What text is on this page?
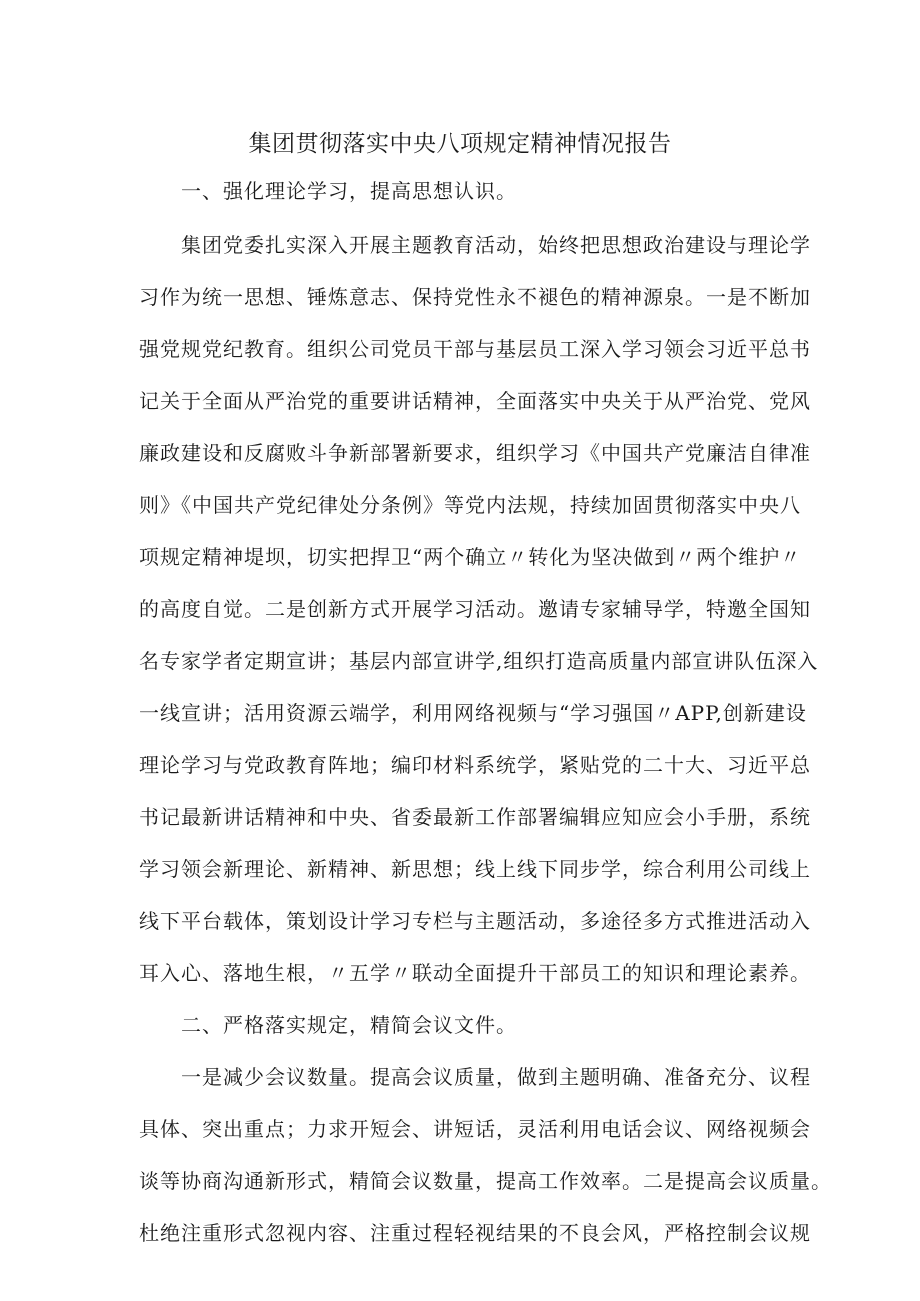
集团贯彻落实中央八项规定精神情况报告
一、强化理论学习，提高思想认识。
集团党委扎实深入开展主题教育活动，始终把思想政治建设与理论学
习作为统一思想、锤炼意志、保持党性永不褪色的精神源泉。一是不断加
强党规党纪教育。组织公司党员干部与基层员工深入学习领会习近平总书
记关于全面从严治党的重要讲话精神，全面落实中央关于从严治党、党风
廉政建设和反腐败斗争新部署新要求，组织学习《中国共产党廉洁自律准
则》《中国共产党纪律处分条例》等党内法规，持续加固贯彻落实中央八
项规定精神堤坝，切实把捍卫“两个确立〃转化为坚决做到〃两个维护〃
的高度自觉。二是创新方式开展学习活动。邀请专家辅导学，特邀全国知
名专家学者定期宣讲；基层内部宣讲学,组织打造高质量内部宣讲队伍深入
一线宣讲；活用资源云端学，利用网络视频与“学习强国〃APP,创新建设
理论学习与党政教育阵地；编印材料系统学，紧贴党的二十大、习近平总
书记最新讲话精神和中央、省委最新工作部署编辑应知应会小手册，系统
学习领会新理论、新精神、新思想；线上线下同步学，综合利用公司线上
线下平台载体，策划设计学习专栏与主题活动，多途径多方式推进活动入
耳入心、落地生根，〃五学〃联动全面提升干部员工的知识和理论素养。
二、严格落实规定，精简会议文件。
一是减少会议数量。提高会议质量，做到主题明确、准备充分、议程
具体、突出重点；力求开短会、讲短话，灵活利用电话会议、网络视频会
谈等协商沟通新形式，精简会议数量，提高工作效率。二是提高会议质量。
杜绝注重形式忽视内容、注重过程轻视结果的不良会风，严格控制会议规
